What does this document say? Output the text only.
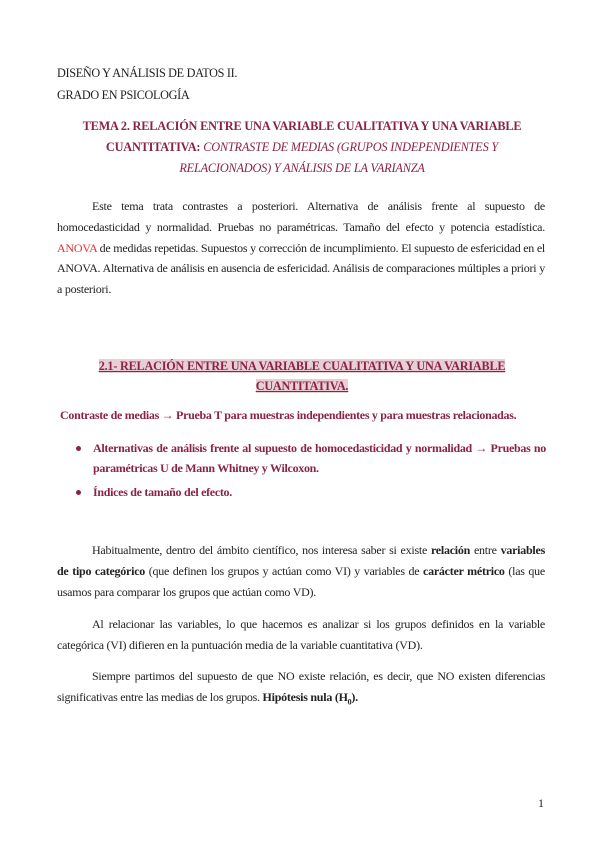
DISEÑO Y ANÁLISIS DE DATOS II.
GRADO EN PSICOLOGÍA
TEMA 2. RELACIÓN ENTRE UNA VARIABLE CUALITATIVA Y UNA VARIABLE CUANTITATIVA: CONTRASTE DE MEDIAS (GRUPOS INDEPENDIENTES Y RELACIONADOS) Y ANÁLISIS DE LA VARIANZA

Este tema trata contrastes a posteriori. Alternativa de análisis frente al supuesto de homocedasticidad y normalidad. Pruebas no paramétricas. Tamaño del efecto y potencia estadística. ANOVA de medidas repetidas. Supuestos y corrección de incumplimiento. El supuesto de esfericidad en el ANOVA. Alternativa de análisis en ausencia de esfericidad. Análisis de comparaciones múltiples a priori y a posteriori.

2.1- RELACIÓN ENTRE UNA VARIABLE CUALITATIVA Y UNA VARIABLE CUANTITATIVA.
Contraste de medias → Prueba T para muestras independientes y para muestras relacionadas.
Alternativas de análisis frente al supuesto de homocedasticidad y normalidad → Pruebas no paramétricas U de Mann Whitney y Wilcoxon.
Índices de tamaño del efecto.

Habitualmente, dentro del ámbito científico, nos interesa saber si existe relación entre variables de tipo categórico (que definen los grupos y actúan como VI) y variables de carácter métrico (las que usamos para comparar los grupos que actúan como VD).

Al relacionar las variables, lo que hacemos es analizar si los grupos definidos en la variable categórica (VI) difieren en la puntuación media de la variable cuantitativa (VD).

Siempre partimos del supuesto de que NO existe relación, es decir, que NO existen diferencias significativas entre las medias de los grupos. Hipótesis nula $(H_0)$.

1
